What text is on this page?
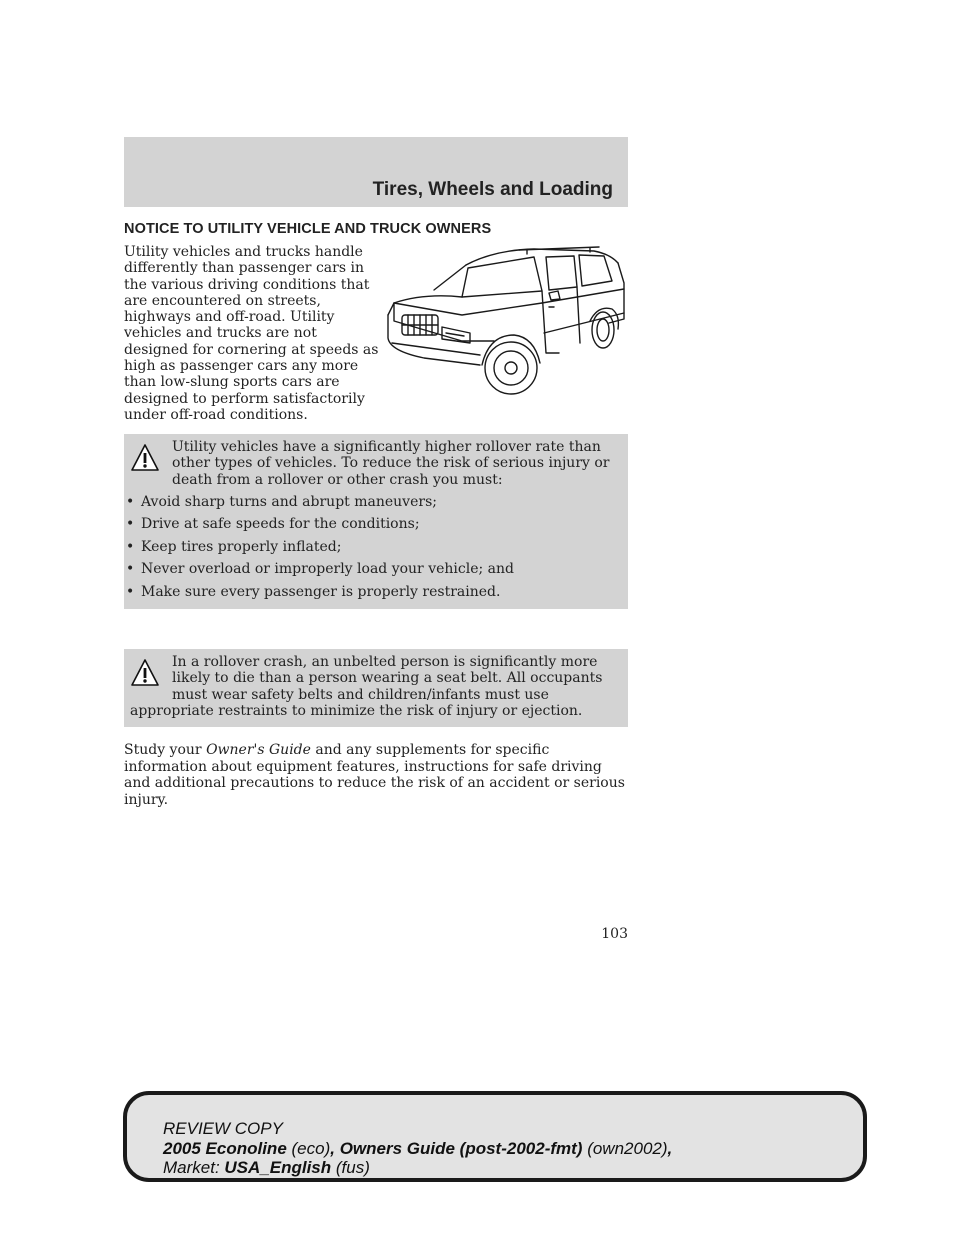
Tires, Wheels and Loading
NOTICE TO UTILITY VEHICLE AND TRUCK OWNERS

Utility vehicles and trucks handle differently than passenger cars in the various driving conditions that are encountered on streets, highways and off-road. Utility vehicles and trucks are not designed for cornering at speeds as high as passenger cars any more than low-slung sports cars are designed to perform satisfactorily under off-road conditions.

Utility vehicles have a significantly higher rollover rate than other types of vehicles. To reduce the risk of serious injury or death from a rollover or other crash you must:

• Avoid sharp turns and abrupt maneuvers;
• Drive at safe speeds for the conditions;
• Keep tires properly inflated;
• Never overload or improperly load your vehicle; and
• Make sure every passenger is properly restrained.

In a rollover crash, an unbelted person is significantly more likely to die than a person wearing a seat belt. All occupants must wear safety belts and children/infants must use appropriate restraints to minimize the risk of injury or ejection.

Study your Owner's Guide and any supplements for specific information about equipment features, instructions for safe driving and additional precautions to reduce the risk of an accident or serious injury.

103
REVIEW COPY
2005 Econoline (eco), Owners Guide (post-2002-fmt) (own2002),
Market: USA_English (fus)
